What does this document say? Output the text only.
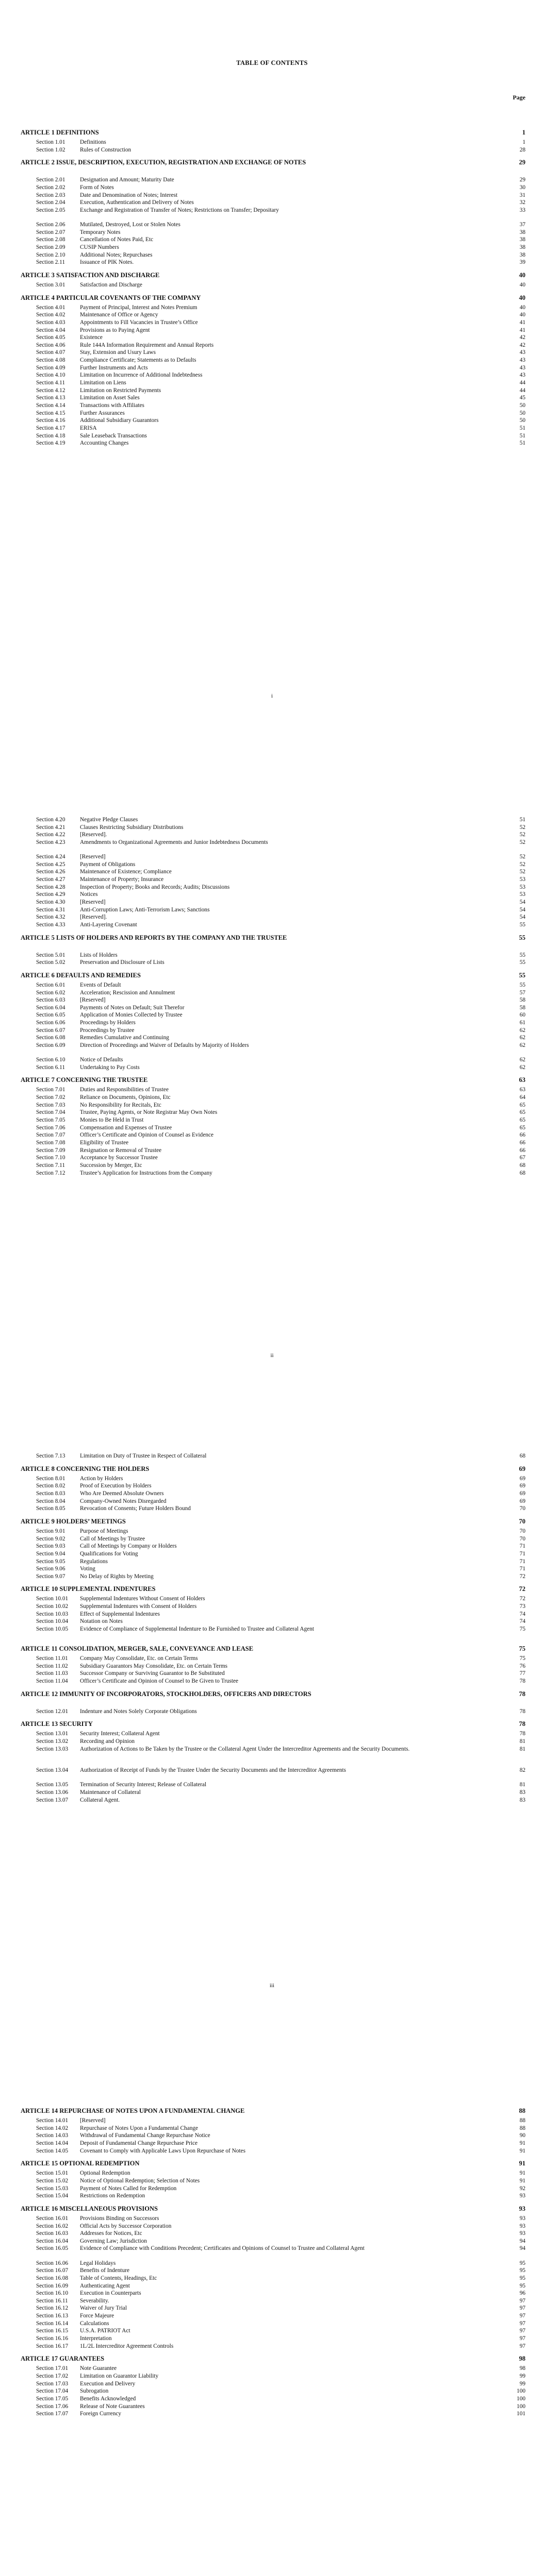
TABLE OF CONTENTS
Page
ARTICLE 1 DEFINITIONS	1
Section 1.01	Definitions	1
Section 1.02	Rules of Construction	28
ARTICLE 2 ISSUE, DESCRIPTION, EXECUTION, REGISTRATION AND EXCHANGE OF NOTES	29
Section 2.01	Designation and Amount; Maturity Date	29
Section 2.02	Form of Notes	30
Section 2.03	Date and Denomination of Notes; Interest	31
Section 2.04	Execution, Authentication and Delivery of Notes	32
Section 2.05	Exchange and Registration of Transfer of Notes; Restrictions on Transfer; Depositary	33
Section 2.06	Mutilated, Destroyed, Lost or Stolen Notes	37
Section 2.07	Temporary Notes	38
Section 2.08	Cancellation of Notes Paid, Etc	38
Section 2.09	CUSIP Numbers	38
Section 2.10	Additional Notes; Repurchases	38
Section 2.11	Issuance of PIK Notes.	39
ARTICLE 3 SATISFACTION AND DISCHARGE	40
Section 3.01	Satisfaction and Discharge	40
ARTICLE 4 PARTICULAR COVENANTS OF THE COMPANY	40
Section 4.01	Payment of Principal, Interest and Notes Premium	40
Section 4.02	Maintenance of Office or Agency	40
Section 4.03	Appointments to Fill Vacancies in Trustee’s Office	41
Section 4.04	Provisions as to Paying Agent	41
Section 4.05	Existence	42
Section 4.06	Rule 144A Information Requirement and Annual Reports	42
Section 4.07	Stay, Extension and Usury Laws	43
Section 4.08	Compliance Certificate; Statements as to Defaults	43
Section 4.09	Further Instruments and Acts	43
Section 4.10	Limitation on Incurrence of Additional Indebtedness	43
Section 4.11	Limitation on Liens	44
Section 4.12	Limitation on Restricted Payments	44
Section 4.13	Limitation on Asset Sales	45
Section 4.14	Transactions with Affiliates	50
Section 4.15	Further Assurances	50
Section 4.16	Additional Subsidiary Guarantors	50
Section 4.17	ERISA	51
Section 4.18	Sale Leaseback Transactions	51
Section 4.19	Accounting Changes	51
i
Section 4.20	Negative Pledge Clauses	51
Section 4.21	Clauses Restricting Subsidiary Distributions	52
Section 4.22	[Reserved].	52
Section 4.23	Amendments to Organizational Agreements and Junior Indebtedness Documents	52
Section 4.24	[Reserved]	52
Section 4.25	Payment of Obligations	52
Section 4.26	Maintenance of Existence; Compliance	52
Section 4.27	Maintenance of Property; Insurance	53
Section 4.28	Inspection of Property; Books and Records; Audits; Discussions	53
Section 4.29	Notices	53
Section 4.30	[Reserved]	54
Section 4.31	Anti-Corruption Laws; Anti-Terrorism Laws; Sanctions	54
Section 4.32	[Reserved].	54
Section 4.33	Anti-Layering Covenant	55
ARTICLE 5 LISTS OF HOLDERS AND REPORTS BY THE COMPANY AND THE TRUSTEE	55
Section 5.01	Lists of Holders	55
Section 5.02	Preservation and Disclosure of Lists	55
ARTICLE 6 DEFAULTS AND REMEDIES	55
Section 6.01	Events of Default	55
Section 6.02	Acceleration; Rescission and Annulment	57
Section 6.03	[Reserved]	58
Section 6.04	Payments of Notes on Default; Suit Therefor	58
Section 6.05	Application of Monies Collected by Trustee	60
Section 6.06	Proceedings by Holders	61
Section 6.07	Proceedings by Trustee	62
Section 6.08	Remedies Cumulative and Continuing	62
Section 6.09	Direction of Proceedings and Waiver of Defaults by Majority of Holders	62
Section 6.10	Notice of Defaults	62
Section 6.11	Undertaking to Pay Costs	62
ARTICLE 7 CONCERNING THE TRUSTEE	63
Section 7.01	Duties and Responsibilities of Trustee	63
Section 7.02	Reliance on Documents, Opinions, Etc	64
Section 7.03	No Responsibility for Recitals, Etc	65
Section 7.04	Trustee, Paying Agents, or Note Registrar May Own Notes	65
Section 7.05	Monies to Be Held in Trust	65
Section 7.06	Compensation and Expenses of Trustee	65
Section 7.07	Officer’s Certificate and Opinion of Counsel as Evidence	66
Section 7.08	Eligibility of Trustee	66
Section 7.09	Resignation or Removal of Trustee	66
Section 7.10	Acceptance by Successor Trustee	67
Section 7.11	Succession by Merger, Etc	68
Section 7.12	Trustee’s Application for Instructions from the Company	68
ii
Section 7.13	Limitation on Duty of Trustee in Respect of Collateral	68
ARTICLE 8 CONCERNING THE HOLDERS	69
Section 8.01	Action by Holders	69
Section 8.02	Proof of Execution by Holders	69
Section 8.03	Who Are Deemed Absolute Owners	69
Section 8.04	Company-Owned Notes Disregarded	69
Section 8.05	Revocation of Consents; Future Holders Bound	70
ARTICLE 9 HOLDERS’ MEETINGS	70
Section 9.01	Purpose of Meetings	70
Section 9.02	Call of Meetings by Trustee	70
Section 9.03	Call of Meetings by Company or Holders	71
Section 9.04	Qualifications for Voting	71
Section 9.05	Regulations	71
Section 9.06	Voting	71
Section 9.07	No Delay of Rights by Meeting	72
ARTICLE 10 SUPPLEMENTAL INDENTURES	72
Section 10.01	Supplemental Indentures Without Consent of Holders	72
Section 10.02	Supplemental Indentures with Consent of Holders	73
Section 10.03	Effect of Supplemental Indentures	74
Section 10.04	Notation on Notes	74
Section 10.05	Evidence of Compliance of Supplemental Indenture to Be Furnished to Trustee and Collateral Agent	75
ARTICLE 11 CONSOLIDATION, MERGER, SALE, CONVEYANCE AND LEASE	75
Section 11.01	Company May Consolidate, Etc. on Certain Terms	75
Section 11.02	Subsidiary Guarantors May Consolidate, Etc. on Certain Terms	76
Section 11.03	Successor Company or Surviving Guarantor to Be Substituted	77
Section 11.04	Officer’s Certificate and Opinion of Counsel to Be Given to Trustee	78
ARTICLE 12 IMMUNITY OF INCORPORATORS, STOCKHOLDERS, OFFICERS AND DIRECTORS	78
Section 12.01	Indenture and Notes Solely Corporate Obligations	78
ARTICLE 13 SECURITY	78
Section 13.01	Security Interest; Collateral Agent	78
Section 13.02	Recording and Opinion	81
Section 13.03	Authorization of Actions to Be Taken by the Trustee or the Collateral Agent Under the Intercreditor Agreements and the Security Documents.	81
Section 13.04	Authorization of Receipt of Funds by the Trustee Under the Security Documents and the Intercreditor Agreements	82
Section 13.05	Termination of Security Interest; Release of Collateral	81
Section 13.06	Maintenance of Collateral	83
Section 13.07	Collateral Agent.	83
iii
ARTICLE 14 REPURCHASE OF NOTES UPON A FUNDAMENTAL CHANGE	88
Section 14.01	[Reserved]	88
Section 14.02	Repurchase of Notes Upon a Fundamental Change	88
Section 14.03	Withdrawal of Fundamental Change Repurchase Notice	90
Section 14.04	Deposit of Fundamental Change Repurchase Price	91
Section 14.05	Covenant to Comply with Applicable Laws Upon Repurchase of Notes	91
ARTICLE 15 OPTIONAL REDEMPTION	91
Section 15.01	Optional Redemption	91
Section 15.02	Notice of Optional Redemption; Selection of Notes	91
Section 15.03	Payment of Notes Called for Redemption	92
Section 15.04	Restrictions on Redemption	93
ARTICLE 16 MISCELLANEOUS PROVISIONS	93
Section 16.01	Provisions Binding on Successors	93
Section 16.02	Official Acts by Successor Corporation	93
Section 16.03	Addresses for Notices, Etc	93
Section 16.04	Governing Law; Jurisdiction	94
Section 16.05	Evidence of Compliance with Conditions Precedent; Certificates and Opinions of Counsel to Trustee and Collateral Agent	94
Section 16.06	Legal Holidays	95
Section 16.07	Benefits of Indenture	95
Section 16.08	Table of Contents, Headings, Etc	95
Section 16.09	Authenticating Agent	95
Section 16.10	Execution in Counterparts	96
Section 16.11	Severability.	97
Section 16.12	Waiver of Jury Trial	97
Section 16.13	Force Majeure	97
Section 16.14	Calculations	97
Section 16.15	U.S.A. PATRIOT Act	97
Section 16.16	Interpretation	97
Section 16.17	1L/2L Intercreditor Agreement Controls	97
ARTICLE 17 GUARANTEES	98
Section 17.01	Note Guarantee	98
Section 17.02	Limitation on Guarantor Liability	99
Section 17.03	Execution and Delivery	99
Section 17.04	Subrogation	100
Section 17.05	Benefits Acknowledged	100
Section 17.06	Release of Note Guarantees	100
Section 17.07	Foreign Currency	101
